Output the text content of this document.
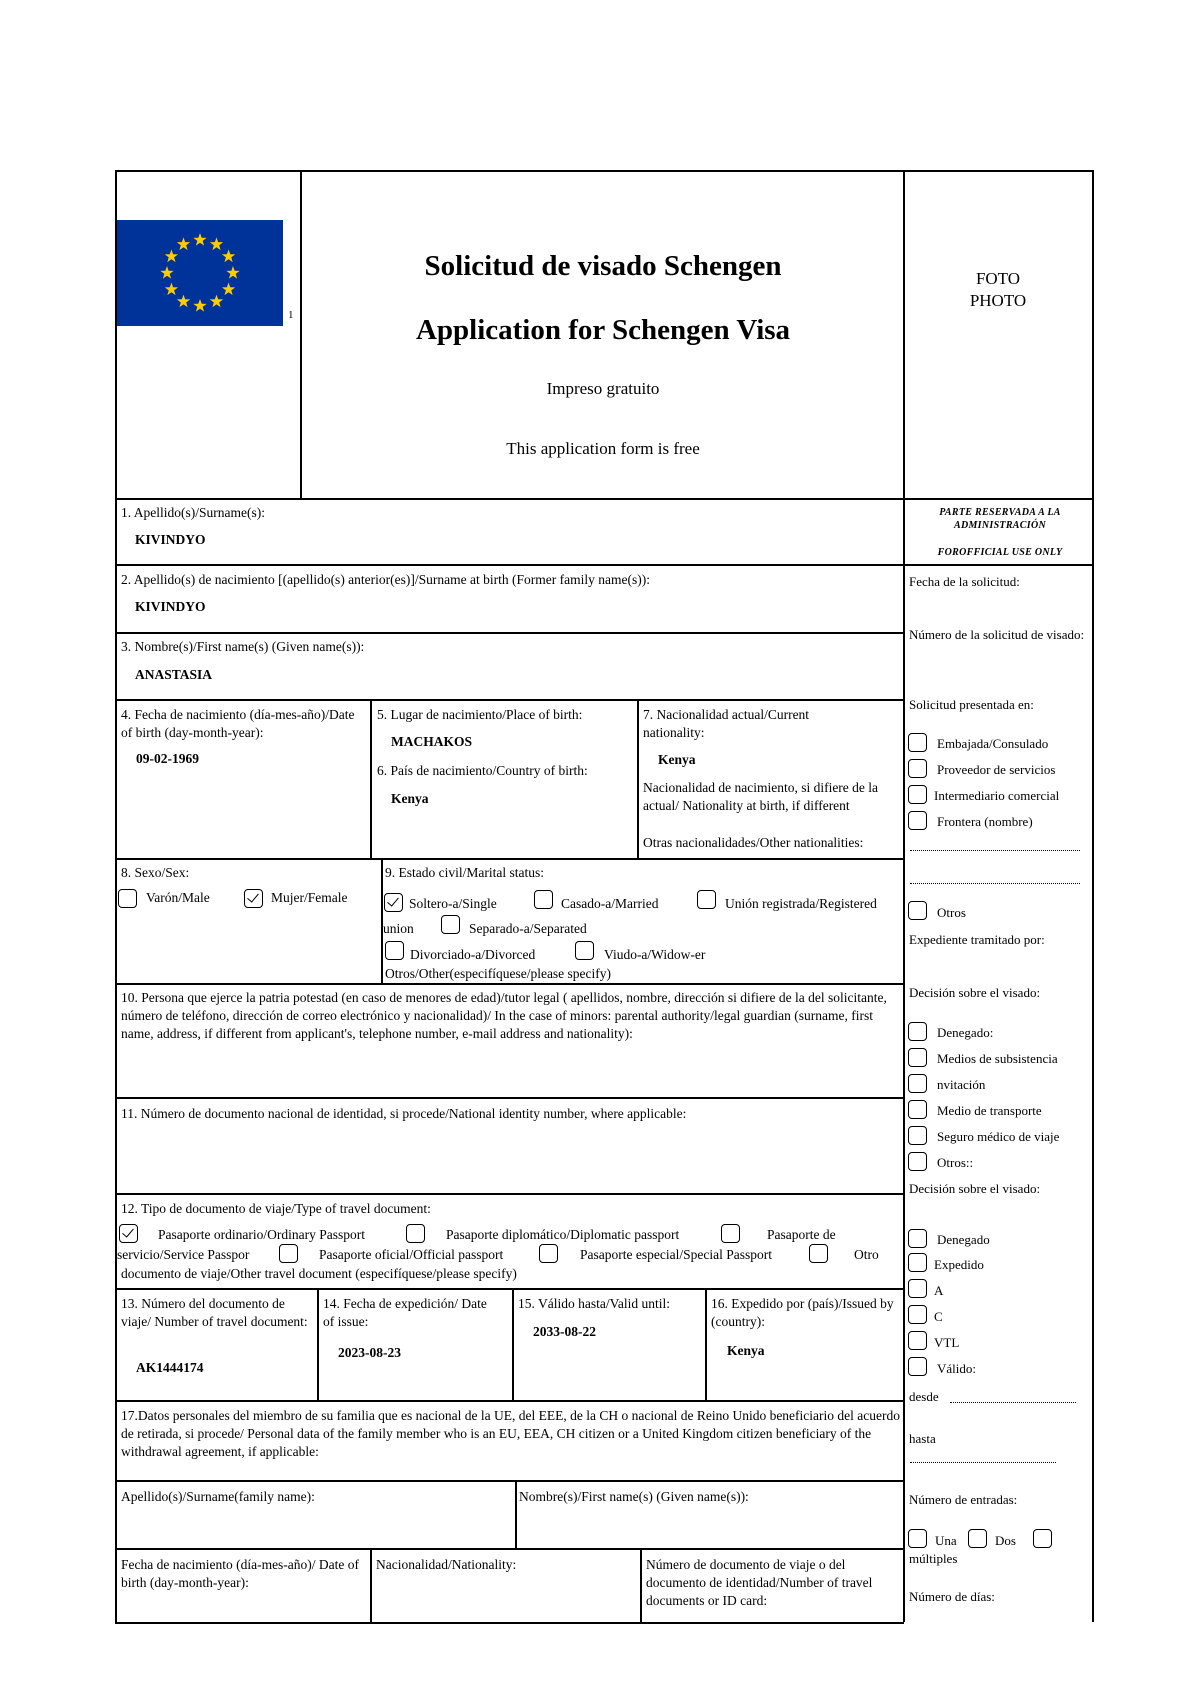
1
Solicitud de visado Schengen
Application for Schengen Visa
Impreso gratuito
This application form is free
FOTO
PHOTO
1. Apellido(s)/Surname(s):
KIVINDYO
2. Apellido(s) de nacimiento [(apellido(s) anterior(es)]/Surname at birth (Former family name(s)):
KIVINDYO
3. Nombre(s)/First name(s) (Given name(s)):
ANASTASIA
4. Fecha de nacimiento (día-mes-año)/Date of birth (day-month-year):
09-02-1969
5. Lugar de nacimiento/Place of birth:
MACHAKOS
6. País de nacimiento/Country of birth:
Kenya
7. Nacionalidad actual/Current nationality:
Kenya
Nacionalidad de nacimiento, si difiere de la actual/ Nationality at birth, if different
Otras nacionalidades/Other nationalities:
8. Sexo/Sex:
Varón/Male	Mujer/Female
9. Estado civil/Marital status:
Soltero-a/Single	Casado-a/Married	Unión registrada/Registered
union	Separado-a/Separated
Divorciado-a/Divorced	Viudo-a/Widow-er
Otros/Other(especifíquese/please specify)
10. Persona que ejerce la patria potestad (en caso de menores de edad)/tutor legal ( apellidos, nombre, dirección si difiere de la del solicitante, número de teléfono, dirección de correo electrónico y nacionalidad)/ In the case of minors: parental authority/legal guardian (surname, first name, address, if different from applicant's, telephone number, e-mail address and nationality):
11. Número de documento nacional de identidad, si procede/National identity number, where applicable:
12. Tipo de documento de viaje/Type of travel document:
Pasaporte ordinario/Ordinary Passport	Pasaporte diplomático/Diplomatic passport	Pasaporte de
servicio/Service Passpor	Pasaporte oficial/Official passport	Pasaporte especial/Special Passport	Otro
documento de viaje/Other travel document (especifíquese/please specify)
13. Número del documento de viaje/ Number of travel document:
AK1444174
14. Fecha de expedición/ Date of issue:
2023-08-23
15. Válido hasta/Valid until:
2033-08-22
16. Expedido por (país)/Issued by (country):
Kenya
17.Datos personales del miembro de su familia que es nacional de la UE, del EEE, de la CH o nacional de Reino Unido beneficiario del acuerdo de retirada, si procede/ Personal data of the family member who is an EU, EEA, CH citizen or a United Kingdom citizen beneficiary of the withdrawal agreement, if applicable:
Apellido(s)/Surname(family name):	Nombre(s)/First name(s) (Given name(s)):
Fecha de nacimiento (día-mes-año)/ Date of birth (day-month-year):
Nacionalidad/Nationality:	Número de documento de viaje o del documento de identidad/Number of travel documents or ID card:
PARTE RESERVADA A LA ADMINISTRACIÓN
FOROFFICIAL USE ONLY
Fecha de la solicitud:
Número de la solicitud de visado:
Solicitud presentada en:
Embajada/Consulado
Proveedor de servicios
Intermediario comercial
Frontera (nombre)
Otros
Expediente tramitado por:
Decisión sobre el visado:
Denegado:
Medios de subsistencia
nvitación
Medio de transporte
Seguro médico de viaje
Otros::
Decisión sobre el visado:
Denegado
Expedido
A
C
VTL
Válido:
desde
hasta
Número de entradas:
Una	Dos
múltiples
Número de días:
